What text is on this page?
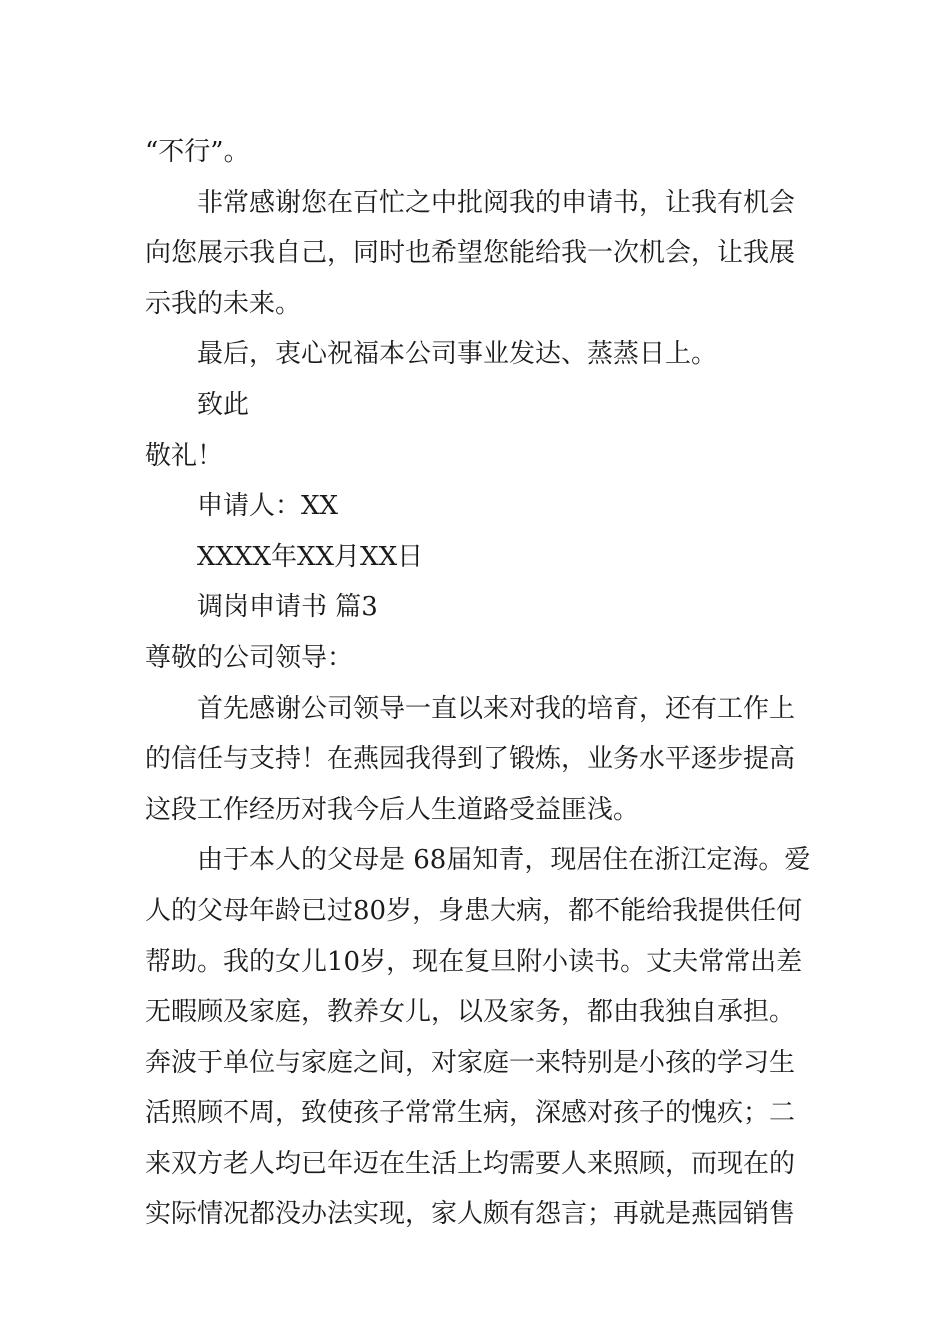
“不行”。
非常感谢您在百忙之中批阅我的申请书，让我有机会
向您展示我自己，同时也希望您能给我一次机会，让我展
示我的未来。
最后，衷心祝福本公司事业发达、蒸蒸日上。
致此
敬礼！
申请人：XX
XXXX年XX月XX日
调岗申请书 篇3
尊敬的公司领导：
首先感谢公司领导一直以来对我的培育，还有工作上
的信任与支持！在燕园我得到了锻炼，业务水平逐步提高
这段工作经历对我今后人生道路受益匪浅。
由于本人的父母是 68届知青，现居住在浙江定海。爱
人的父母年龄已过80岁，身患大病，都不能给我提供任何
帮助。我的女儿10岁，现在复旦附小读书。丈夫常常出差
无暇顾及家庭，教养女儿，以及家务，都由我独自承担。
奔波于单位与家庭之间，对家庭一来特别是小孩的学习生
活照顾不周，致使孩子常常生病，深感对孩子的愧疚；二
来双方老人均已年迈在生活上均需要人来照顾，而现在的
实际情况都没办法实现，家人颇有怨言；再就是燕园销售
